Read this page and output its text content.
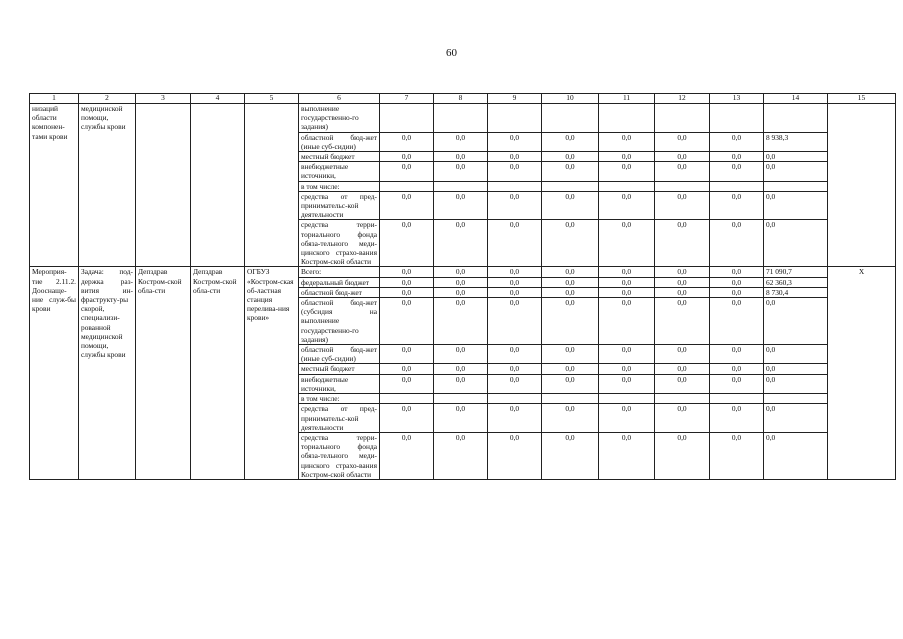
60
1	2	3	4	5	6	7	8	9	10	11	12	13	14	15
низаций области компонен-тами крови	медицинской помощи, службы крови				выполнение государственно-го задания)									
					областной бюд-жет (иные суб-сидии)	0,0	0,0	0,0	0,0	0,0	0,0	0,0	8 938,3	
					местный бюджет	0,0	0,0	0,0	0,0	0,0	0,0	0,0	0,0	
					внебюджетные источники,	0,0	0,0	0,0	0,0	0,0	0,0	0,0	0,0	
					в том числе:									
					средства от пред-принимательс-кой деятельности	0,0	0,0	0,0	0,0	0,0	0,0	0,0	0,0	
					средства терри-ториального фонда обяза-тельного меди-цинского страхо-вания Костром-ской области	0,0	0,0	0,0	0,0	0,0	0,0	0,0	0,0	
Мероприя-тие 2.11.2. Дооснаще-ние служ-бы крови	Задача: под-держка раз-вития ин-фраструкту-ры скорой, специализи-рованной медицинской помощи, службы крови	Депздрав Костром-ской обла-сти	Депздрав Костром-ской обла-сти	ОГБУЗ «Костром-ская об-ластная станция перелива-ния крови»	Всего:	0,0	0,0	0,0	0,0	0,0	0,0	0,0	71 090,7	Х
					федеральный бюджет	0,0	0,0	0,0	0,0	0,0	0,0	0,0	62 360,3	
					областной бюд-жет	0,0	0,0	0,0	0,0	0,0	0,0	0,0	8 730,4	
					областной бюд-жет (субсидия на выполнение государственно-го задания)	0,0	0,0	0,0	0,0	0,0	0,0	0,0	0,0	
					областной бюд-жет (иные суб-сидии)	0,0	0,0	0,0	0,0	0,0	0,0	0,0	0,0	
					местный бюджет	0,0	0,0	0,0	0,0	0,0	0,0	0,0	0,0	
					внебюджетные источники,	0,0	0,0	0,0	0,0	0,0	0,0	0,0	0,0	
					в том числе:									
					средства от пред-принимательс-кой деятельности	0,0	0,0	0,0	0,0	0,0	0,0	0,0	0,0	
					средства терри-ториального фонда обяза-тельного меди-цинского страхо-вания Костром-ской области	0,0	0,0	0,0	0,0	0,0	0,0	0,0	0,0	
